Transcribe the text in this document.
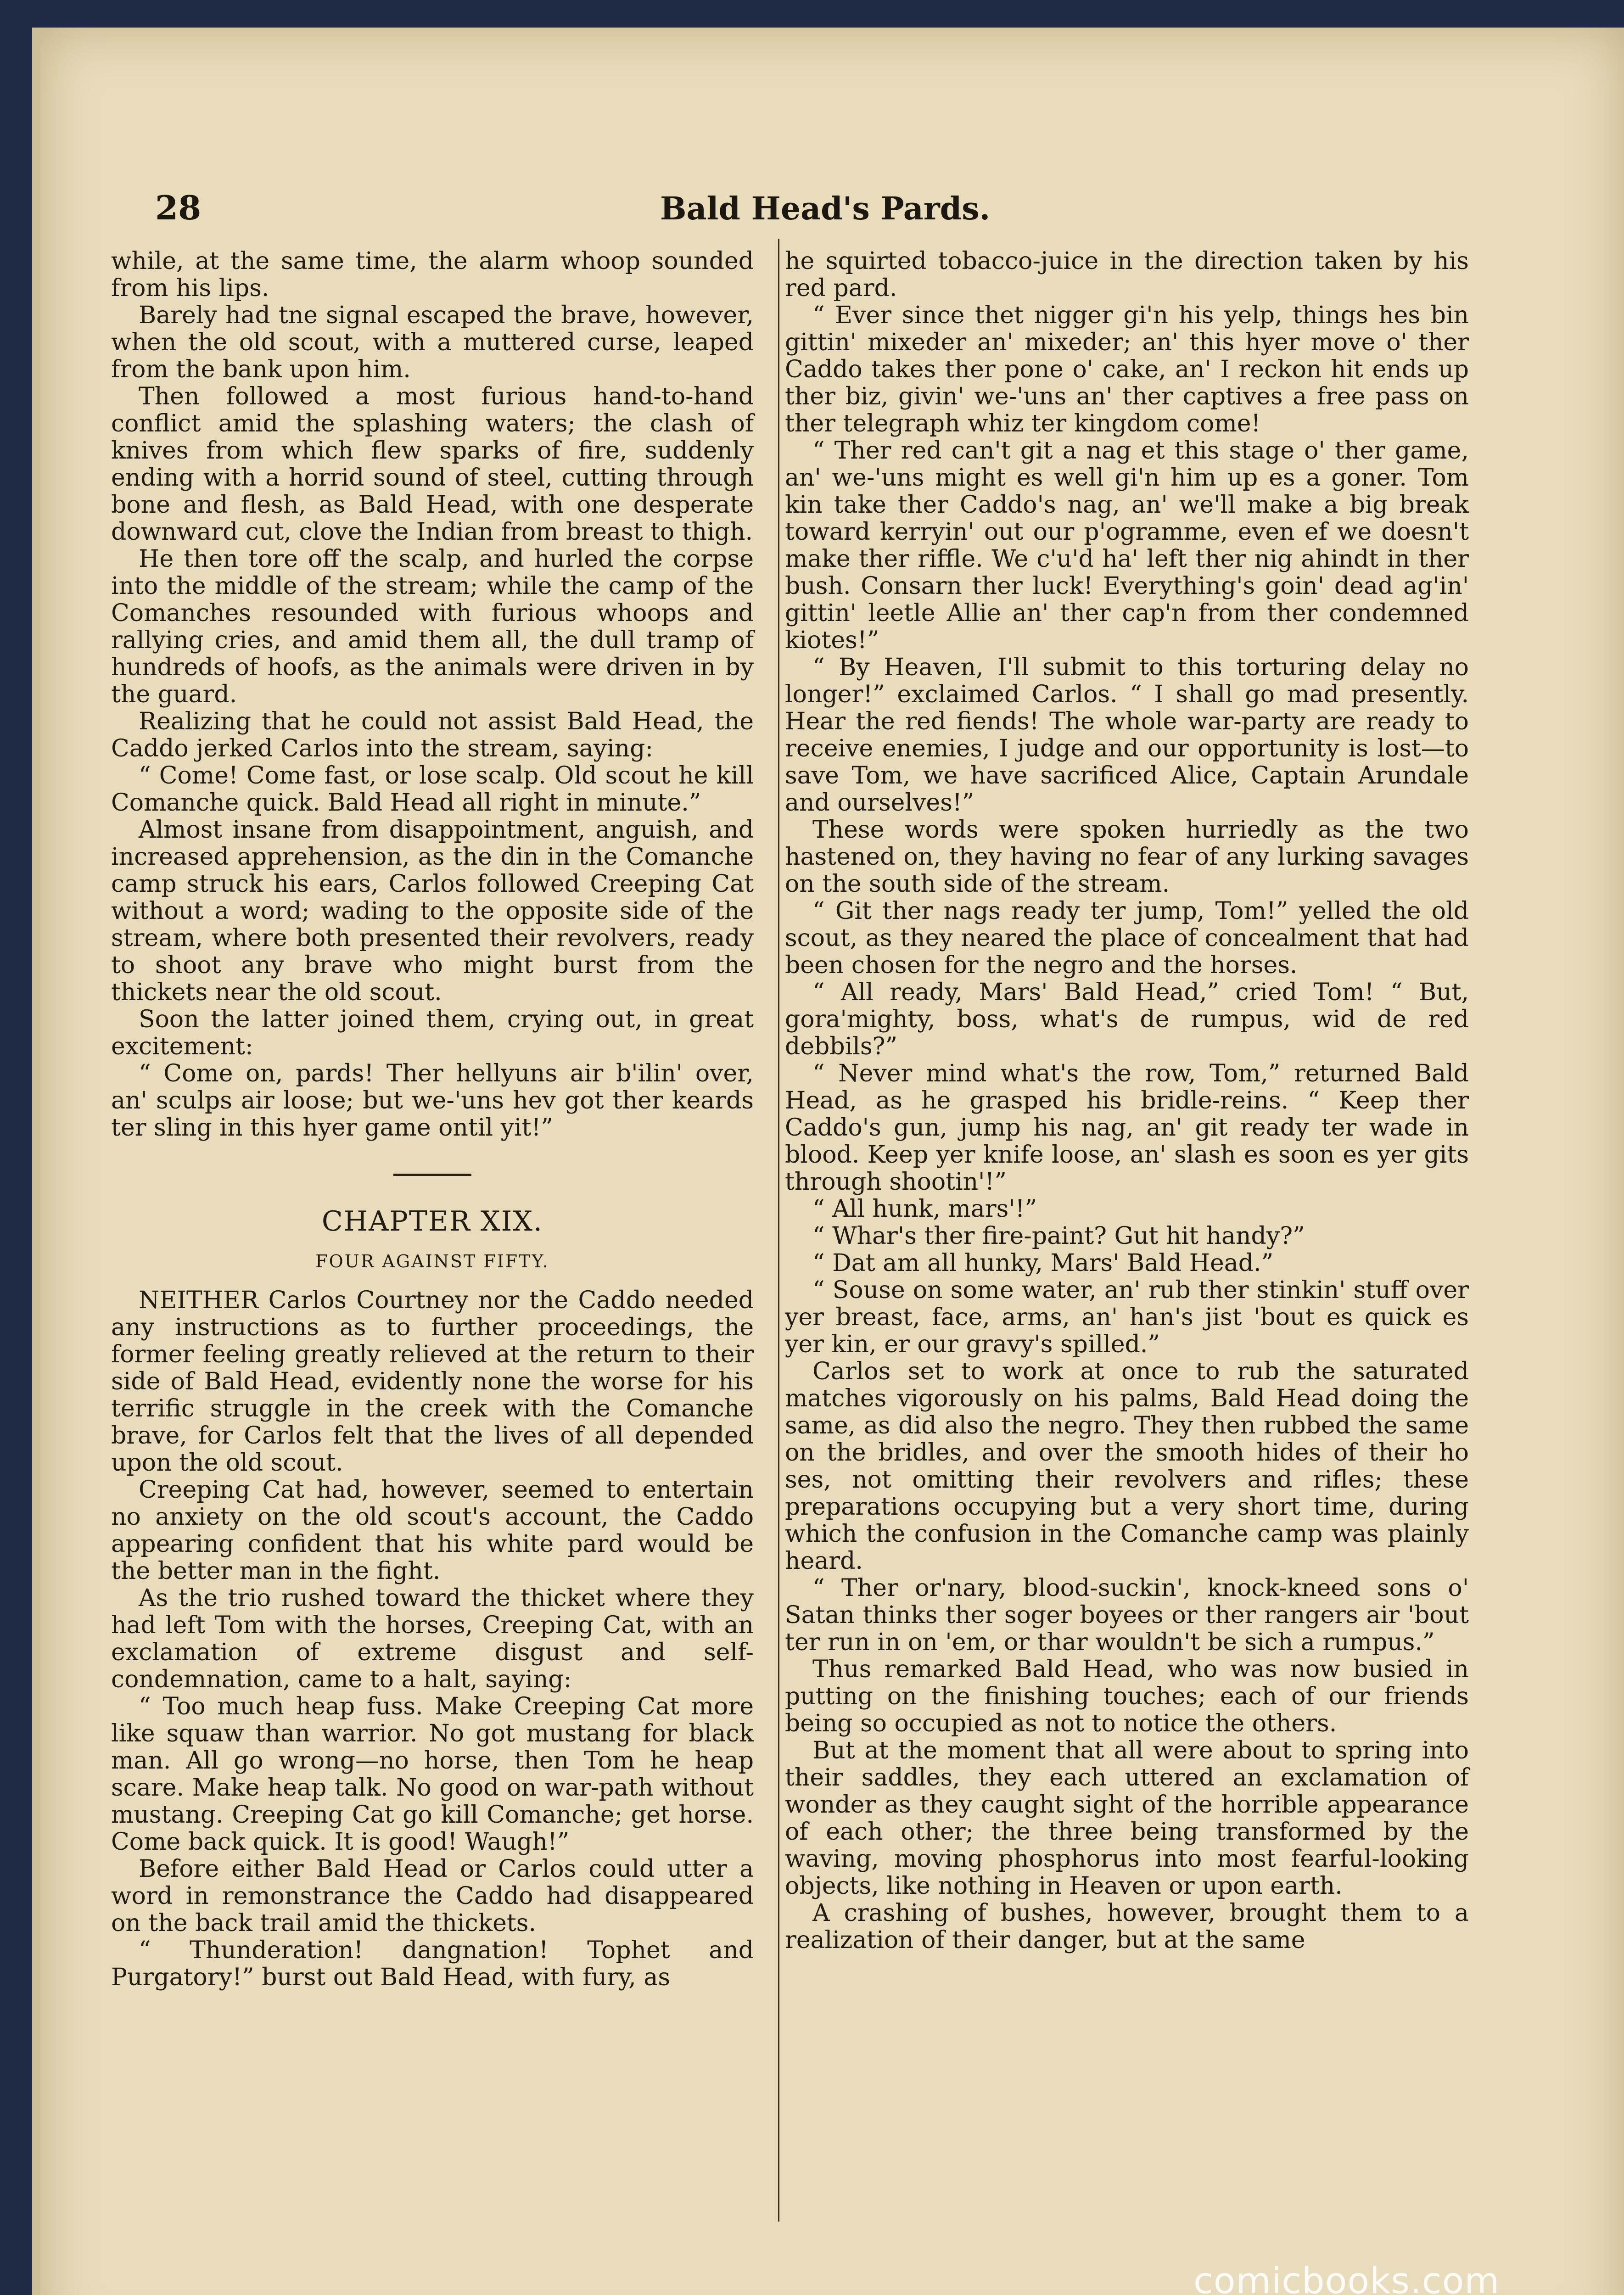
28	Bald Head's Pards.

while, at the same time, the alarm whoop sounded from his lips.

Barely had tne signal escaped the brave, however, when the old scout, with a muttered curse, leaped from the bank upon him.

Then followed a most furious hand-to-hand conflict amid the splashing waters; the clash of knives from which flew sparks of fire, suddenly ending with a horrid sound of steel, cutting through bone and flesh, as Bald Head, with one desperate downward cut, clove the Indian from breast to thigh.

He then tore off the scalp, and hurled the corpse into the middle of the stream; while the camp of the Comanches resounded with furious whoops and rallying cries, and amid them all, the dull tramp of hundreds of hoofs, as the animals were driven in by the guard.

Realizing that he could not assist Bald Head, the Caddo jerked Carlos into the stream, saying:

“ Come! Come fast, or lose scalp. Old scout he kill Comanche quick. Bald Head all right in minute.”

Almost insane from disappointment, anguish, and increased apprehension, as the din in the Comanche camp struck his ears, Carlos followed Creeping Cat without a word; wading to the opposite side of the stream, where both presented their revolvers, ready to shoot any brave who might burst from the thickets near the old scout.

Soon the latter joined them, crying out, in great excitement:

“ Come on, pards! Ther hellyuns air b'ilin' over, an' sculps air loose; but we-'uns hev got ther keards ter sling in this hyer game ontil yit!”

CHAPTER XIX.
FOUR AGAINST FIFTY.

NEITHER Carlos Courtney nor the Caddo needed any instructions as to further proceedings, the former feeling greatly relieved at the return to their side of Bald Head, evidently none the worse for his terrific struggle in the creek with the Comanche brave, for Carlos felt that the lives of all depended upon the old scout.

Creeping Cat had, however, seemed to entertain no anxiety on the old scout's account, the Caddo appearing confident that his white pard would be the better man in the fight.

As the trio rushed toward the thicket where they had left Tom with the horses, Creeping Cat, with an exclamation of extreme disgust and self-condemnation, came to a halt, saying:

“ Too much heap fuss. Make Creeping Cat more like squaw than warrior. No got mustang for black man. All go wrong—no horse, then Tom he heap scare. Make heap talk. No good on war-path without mustang. Creeping Cat go kill Comanche; get horse. Come back quick. It is good! Waugh!”

Before either Bald Head or Carlos could utter a word in remonstrance the Caddo had disappeared on the back trail amid the thickets.

“ Thunderation! dangnation! Tophet and Purgatory!” burst out Bald Head, with fury, as

he squirted tobacco-juice in the direction taken by his red pard.

“ Ever since thet nigger gi'n his yelp, things hes bin gittin' mixeder an' mixeder; an' this hyer move o' ther Caddo takes ther pone o' cake, an' I reckon hit ends up ther biz, givin' we-'uns an' ther captives a free pass on ther telegraph whiz ter kingdom come!

“ Ther red can't git a nag et this stage o' ther game, an' we-'uns might es well gi'n him up es a goner. Tom kin take ther Caddo's nag, an' we'll make a big break toward kerryin' out our p'ogramme, even ef we doesn't make ther riffle. We c'u'd ha' left ther nig ahindt in ther bush. Consarn ther luck! Everything's goin' dead ag'in' gittin' leetle Allie an' ther cap'n from ther condemned kiotes!”

“ By Heaven, I'll submit to this torturing delay no longer!” exclaimed Carlos. “ I shall go mad presently. Hear the red fiends! The whole war-party are ready to receive enemies, I judge and our opportunity is lost—to save Tom, we have sacrificed Alice, Captain Arundale and ourselves!”

These words were spoken hurriedly as the two hastened on, they having no fear of any lurking savages on the south side of the stream.

“ Git ther nags ready ter jump, Tom!” yelled the old scout, as they neared the place of concealment that had been chosen for the negro and the horses.

“ All ready, Mars' Bald Head,” cried Tom! “ But, gora'mighty, boss, what's de rumpus, wid de red debbils?”

“ Never mind what's the row, Tom,” returned Bald Head, as he grasped his bridle-reins. “ Keep ther Caddo's gun, jump his nag, an' git ready ter wade in blood. Keep yer knife loose, an' slash es soon es yer gits through shootin'!”

“ All hunk, mars'!”

“ Whar's ther fire-paint? Gut hit handy?”

“ Dat am all hunky, Mars' Bald Head.”

“ Souse on some water, an' rub ther stinkin' stuff over yer breast, face, arms, an' han's jist 'bout es quick es yer kin, er our gravy's spilled.”

Carlos set to work at once to rub the saturated matches vigorously on his palms, Bald Head doing the same, as did also the negro. They then rubbed the same on the bridles, and over the smooth hides of their ho ses, not omitting their revolvers and rifles; these preparations occupying but a very short time, during which the confusion in the Comanche camp was plainly heard.

“ Ther or'nary, blood-suckin', knock-kneed sons o' Satan thinks ther soger boyees or ther rangers air 'bout ter run in on 'em, or thar wouldn't be sich a rumpus.”

Thus remarked Bald Head, who was now busied in putting on the finishing touches; each of our friends being so occupied as not to notice the others.

But at the moment that all were about to spring into their saddles, they each uttered an exclamation of wonder as they caught sight of the horrible appearance of each other; the three being transformed by the waving, moving phosphorus into most fearful-looking objects, like nothing in Heaven or upon earth.

A crashing of bushes, however, brought them to a realization of their danger, but at the same

comicbooks.com
